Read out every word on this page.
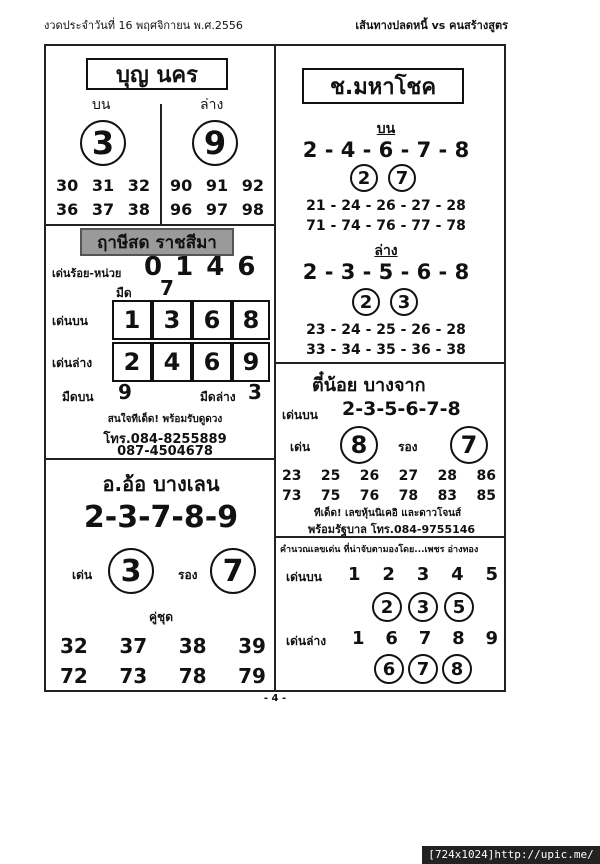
งวดประจำวันที่ 16 พฤศจิกายน พ.ศ.2556	เส้นทางปลดหนี้ vs คนสร้างสูตร
บุญ นคร
บน	ล่าง
3	9
30 31 32
36 37 38
90 91 92
96 97 98
ฤาษีสด ราชสีมา
เด่นร้อย-หน่วย 0 1 4 6
มืด 7
เด่นบน	1 3 6 8
เด่นล่าง	2 4 6 9
มืดบน 9	มืดล่าง 3
สนใจทีเด็ด! พร้อมรับดูดวง
โทร.084-8255889
087-4504678
อ.อ้อ บางเลน
2-3-7-8-9
เด่น 3	รอง 7
คู่ชุด
32 37 38 39
72 73 78 79
ช.มหาโชค
บน
2 - 4 - 6 - 7 - 8
2	7
21 - 24 - 26 - 27 - 28
71 - 74 - 76 - 77 - 78
ล่าง
2 - 3 - 5 - 6 - 8
2	3
23 - 24 - 25 - 26 - 28
33 - 34 - 35 - 36 - 38
ตี๋น้อย บางจาก
เด่นบน 2-3-5-6-7-8
เด่น	8	รอง	7
23 25 26 27 28 86
73 75 76 78 83 85
ทีเด็ด! เลขหุ้นนิเคอิ และดาวโจนส์
พร้อมรัฐบาล โทร.084-9755146
คำนวณเลขเด่น ที่น่าจับตามองโดย...เพชร อ่างทอง
เด่นบน 1 2 3 4 5
2	3	5
เด่นล่าง 1 6 7 8 9
6	7	8
- 4 -
[724x1024]http://upic.me/
